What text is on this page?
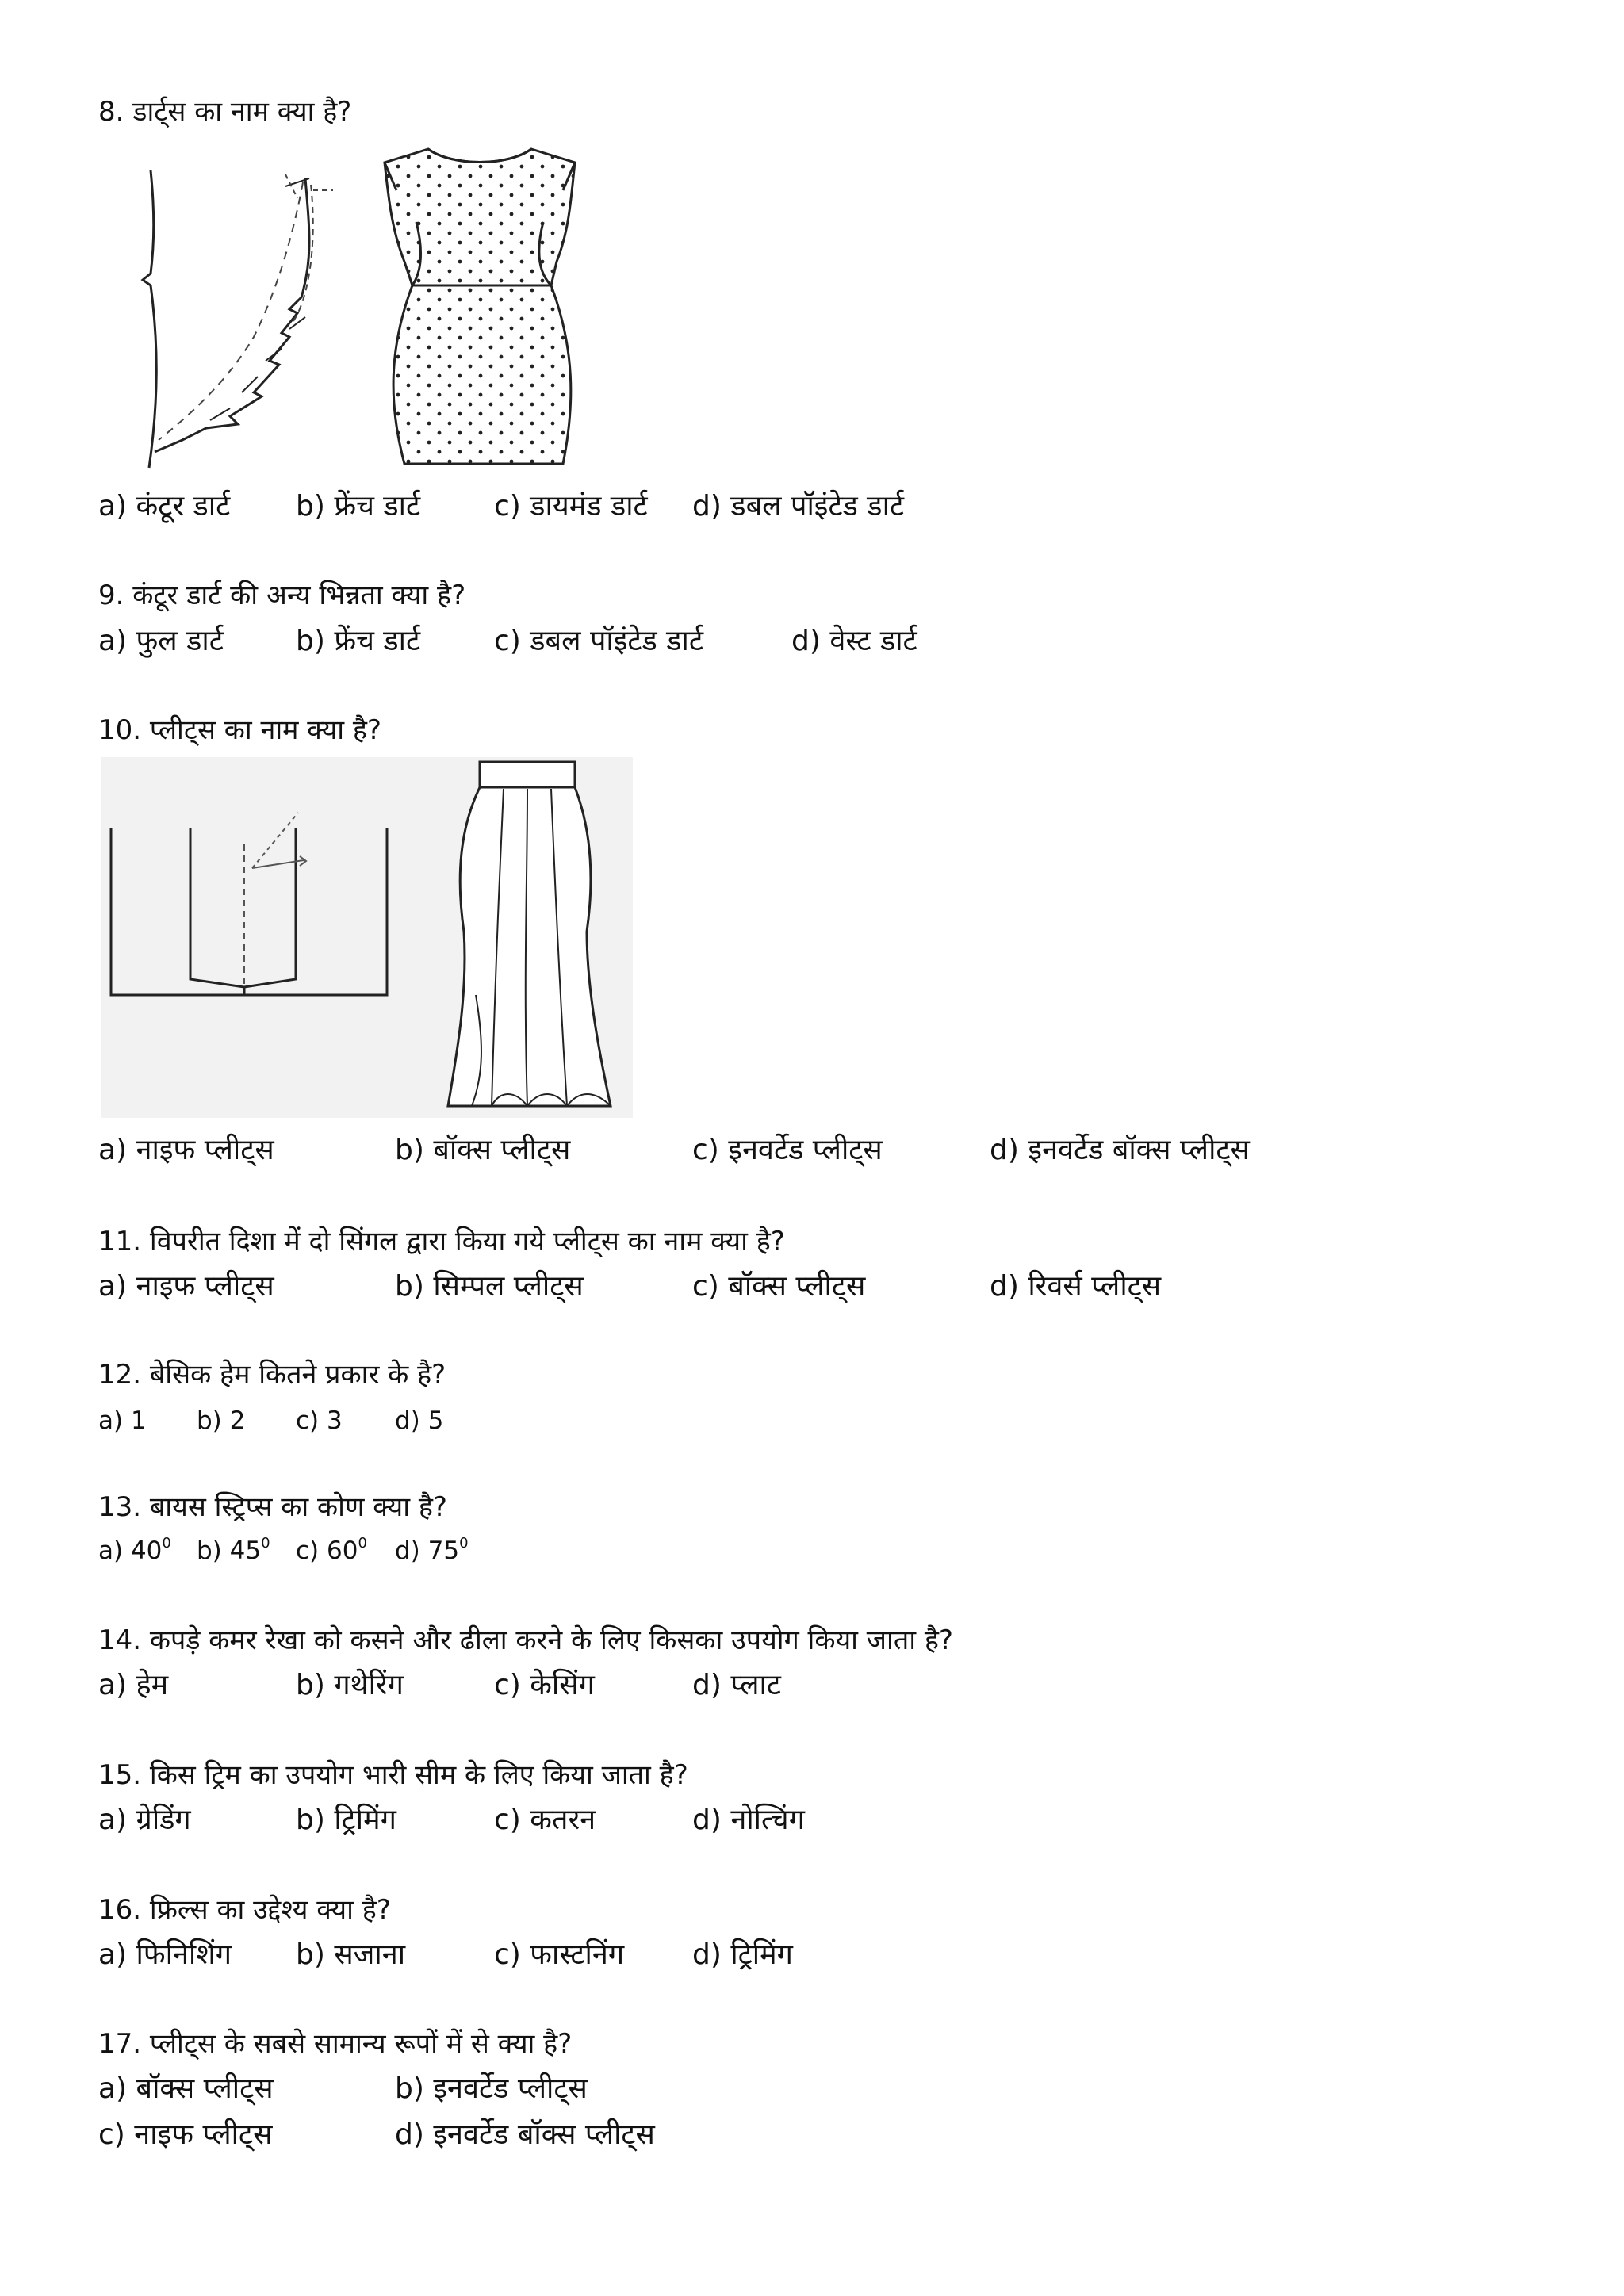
8. डार्ट्स का नाम क्या है?
a) कंटूर डार्ट b) फ्रेंच डार्ट	c) डायमंड डार्ट d) डबल पॉइंटेड डार्ट
9. कंटूर डार्ट की अन्य भिन्नता क्या है?
a) फुल डार्ट	b) फ्रेंच डार्ट	c) डबल पॉइंटेड डार्ट	d) वेस्ट डार्ट
10. प्लीट्स का नाम क्या है?
a) नाइफ प्लीट्स	b) बॉक्स प्लीट्स	c) इनवर्टेड प्लीट्स	d) इनवर्टेड बॉक्स प्लीट्स
11. विपरीत दिशा में दो सिंगल द्वारा किया गये प्लीट्स का नाम क्या है?
a) नाइफ प्लीट्स	b) सिम्पल प्लीट्स	c) बॉक्स प्लीट्स	d) रिवर्स प्लीट्स
12. बेसिक हेम कितने प्रकार के है?
a) 1 b) 2 c) 3 d) 5
13. बायस स्ट्रिप्स का कोण क्या है?
a) $40^0$ b) $45^0$ c) $60^0$ d) $75^0$
14. कपड़े कमर रेखा को कसने और ढीला करने के लिए किसका उपयोग किया जाता है?
a) हेम	b) गथेरिंग	c) केसिंग	d) प्लाट
15. किस ट्रिम का उपयोग भारी सीम के लिए किया जाता है?
a) ग्रेडिंग	b) ट्रिमिंग	c) कतरन	d) नोत्चिंग
16. फ्रिल्स का उद्देश्य क्या है?
a) फिनिशिंग b) सजाना	c) फास्टनिंग d) ट्रिमिंग
17. प्लीट्स के सबसे सामान्य रूपों में से क्या है?
a) बॉक्स प्लीट्स	b) इनवर्टेड प्लीट्स
c) नाइफ प्लीट्स	d) इनवर्टेड बॉक्स प्लीट्स
